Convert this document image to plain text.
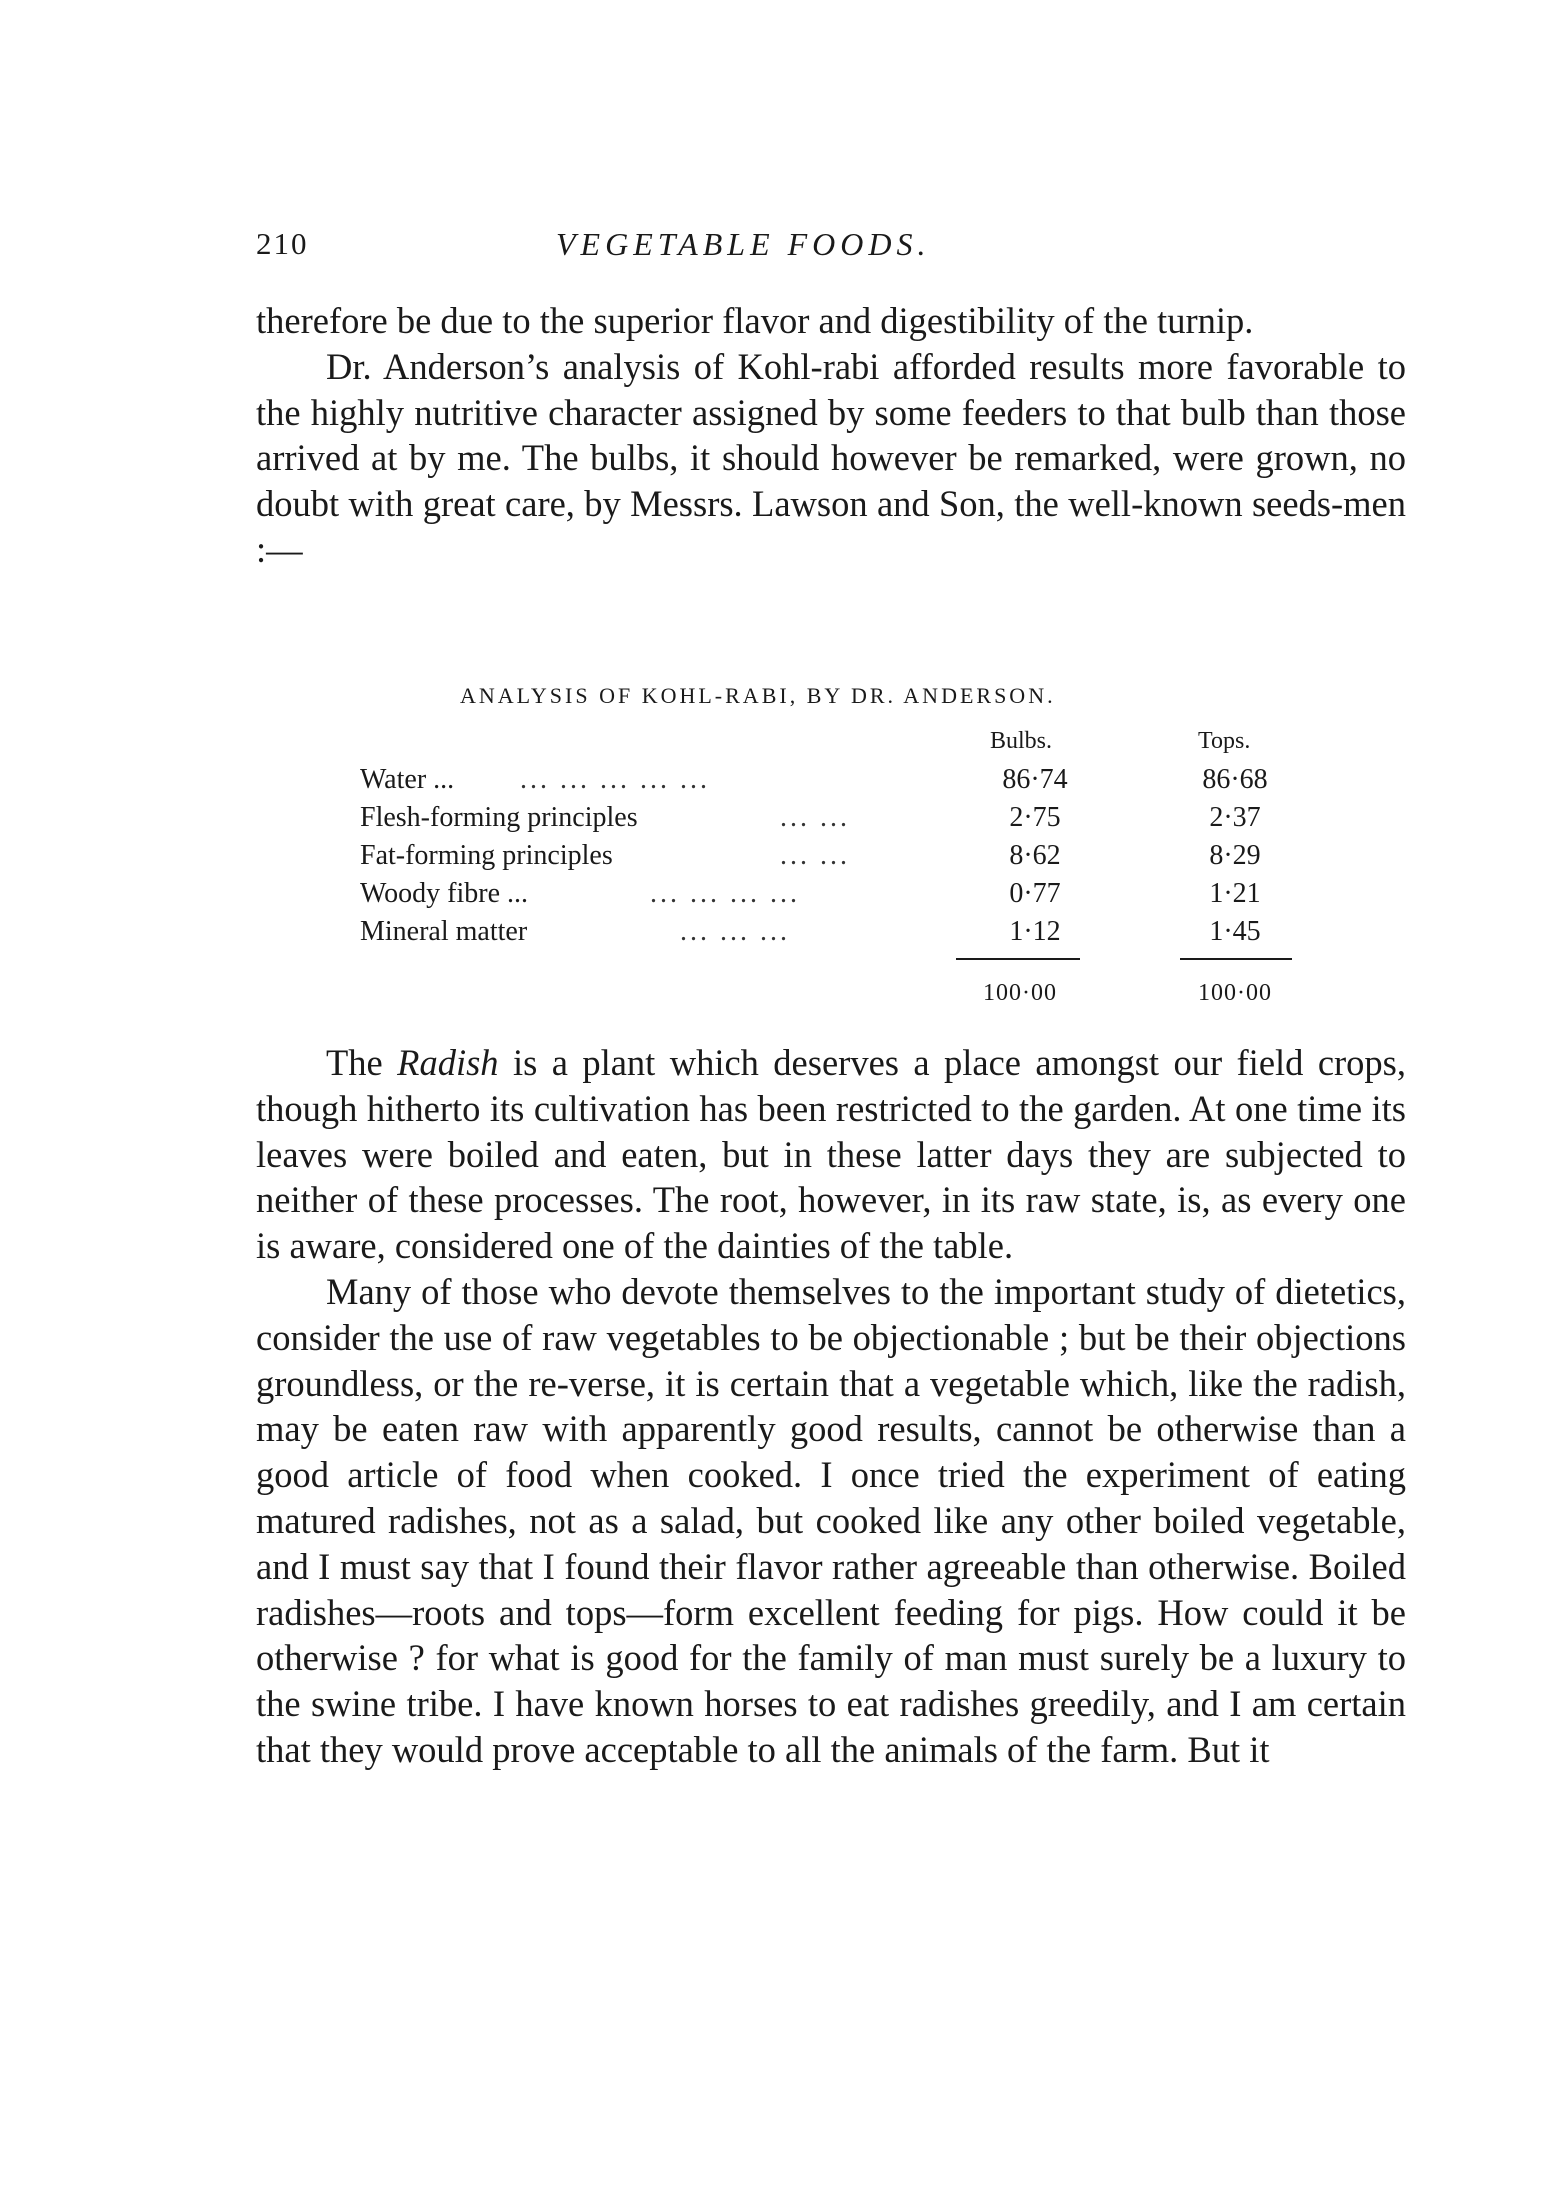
210	VEGETABLE FOODS.

therefore be due to the superior flavor and digestibility of the turnip.

Dr. Anderson’s analysis of Kohl-rabi afforded results more favorable to the highly nutritive character assigned by some feeders to that bulb than those arrived at by me. The bulbs, it should however be remarked, were grown, no doubt with great care, by Messrs. Lawson and Son, the well-known seeds-men :—

ANALYSIS OF KOHL-RABI, BY DR. ANDERSON.
Bulbs.	Tops.
Water ... ... ... ... ... ...	86·74	86·68
Flesh-forming principles	... ...	2·75	2·37
Fat-forming principles	... ...	8·62	8·29
Woody fibre ...	... ... ... ...	0·77	1·21
Mineral matter	... ... ...	1·12	1·45
100·00	100·00

The Radish is a plant which deserves a place amongst our field crops, though hitherto its cultivation has been restricted to the garden. At one time its leaves were boiled and eaten, but in these latter days they are subjected to neither of these processes. The root, however, in its raw state, is, as every one is aware, considered one of the dainties of the table.

Many of those who devote themselves to the important study of dietetics, consider the use of raw vegetables to be objectionable ; but be their objections groundless, or the re-verse, it is certain that a vegetable which, like the radish, may be eaten raw with apparently good results, cannot be otherwise than a good article of food when cooked. I once tried the experiment of eating matured radishes, not as a salad, but cooked like any other boiled vegetable, and I must say that I found their flavor rather agreeable than otherwise. Boiled radishes—roots and tops—form excellent feeding for pigs. How could it be otherwise ? for what is good for the family of man must surely be a luxury to the swine tribe. I have known horses to eat radishes greedily, and I am certain that they would prove acceptable to all the animals of the farm. But it
